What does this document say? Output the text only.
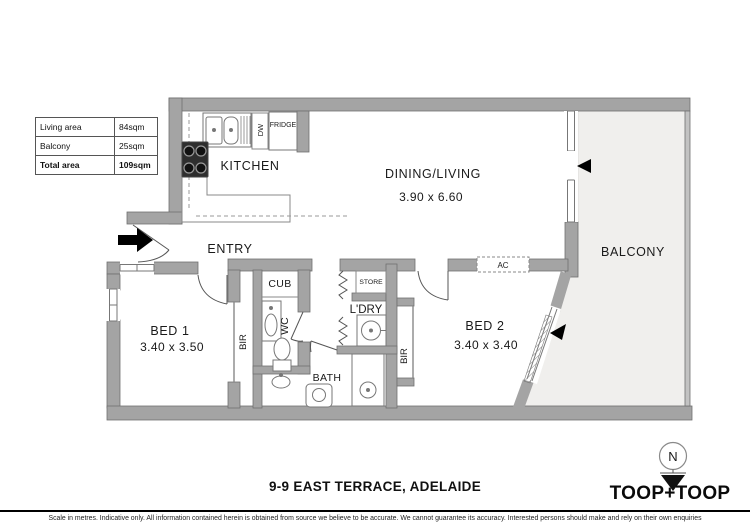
AC
KITCHEN
ENTRY
DINING/LIVING
3.90 x 6.60
BALCONY
BED 1
3.40 x 3.50
BED 2
3.40 x 3.40
BATH
CUB
L'DRY
STORE
WC
BIR
BIR
FRIDGE
DW
N
Living area	84sqm
Balcony	25sqm
Total area	109sqm
9-9 EAST TERRACE, ADELAIDE	TOOP+TOOP
Scale in metres. Indicative only. All information contained herein is obtained from source we believe to be accurate. We cannot guarantee its accuracy. Interested persons should make and rely on their own enquiries
